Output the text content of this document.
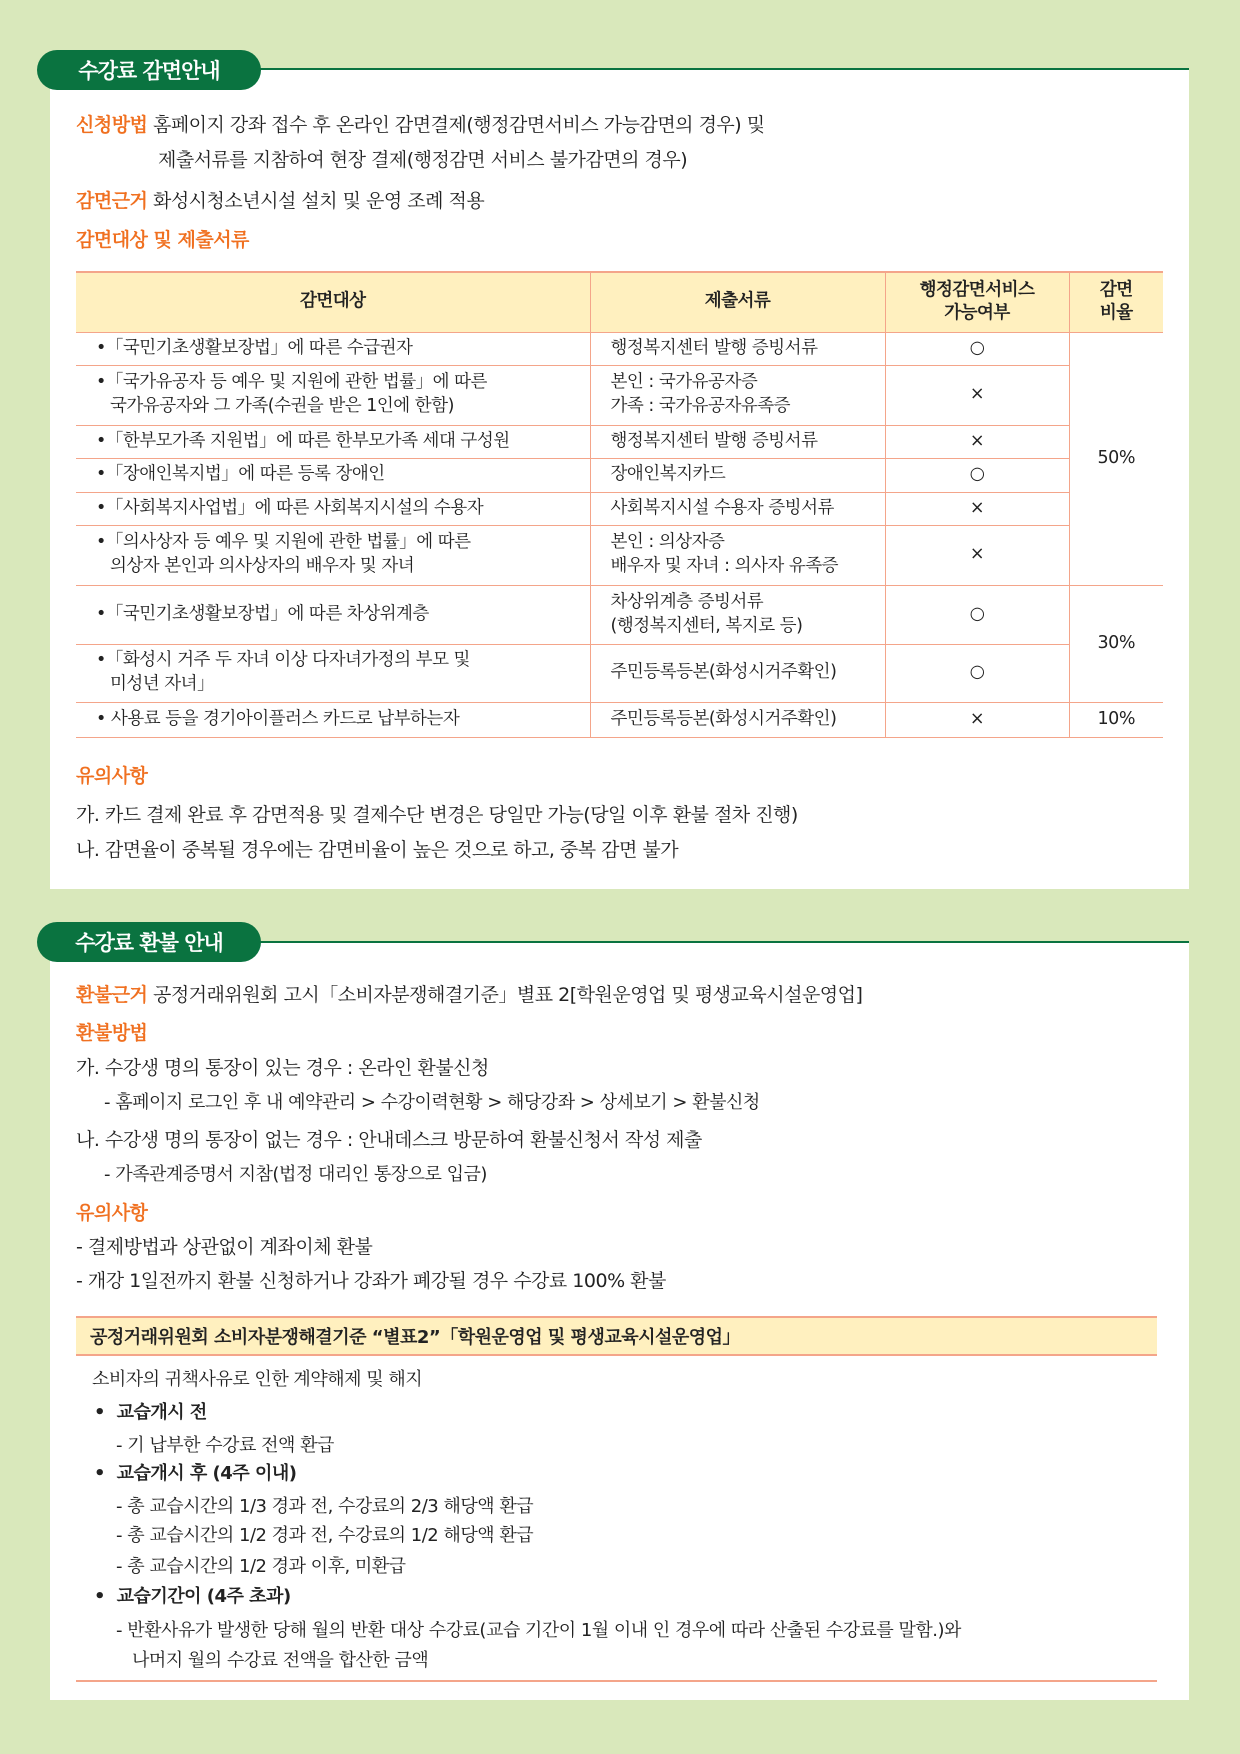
수강료 감면안내
신청방법 홈페이지 강좌 접수 후 온라인 감면결제(행정감면서비스 가능감면의 경우) 및
제출서류를 지참하여 현장 결제(행정감면 서비스 불가감면의 경우)
감면근거 화성시청소년시설 설치 및 운영 조례 적용
감면대상 및 제출서류
감면대상	제출서류	행정감면서비스
가능여부	감면
비율

•「국민기초생활보장법」에 따른 수급권자	행정복지센터 발행 증빙서류	○	50%

•「국가유공자 등 예우 및 지원에 관한 법률」에 따른
국가유공자와 그 가족(수권을 받은 1인에 한함)	본인 : 국가유공자증
가족 : 국가유공자유족증	×	

•「한부모가족 지원법」에 따른 한부모가족 세대 구성원	행정복지센터 발행 증빙서류	×	

•「장애인복지법」에 따른 등록 장애인	장애인복지카드	○	

•「사회복지사업법」에 따른 사회복지시설의 수용자	사회복지시설 수용자 증빙서류	×	

•「의사상자 등 예우 및 지원에 관한 법률」에 따른
의상자 본인과 의사상자의 배우자 및 자녀	본인 : 의상자증
배우자 및 자녀 : 의사자 유족증	×	

•「국민기초생활보장법」에 따른 차상위계층	차상위계층 증빙서류
(행정복지센터, 복지로 등)	○	30%

•「화성시 거주 두 자녀 이상 다자녀가정의 부모 및
미성년 자녀」	주민등록등본(화성시거주확인)	○	

• 사용료 등을 경기아이플러스 카드로 납부하는자	주민등록등본(화성시거주확인)	×	10%
유의사항
가. 카드 결제 완료 후 감면적용 및 결제수단 변경은 당일만 가능(당일 이후 환불 절차 진행)
나. 감면율이 중복될 경우에는 감면비율이 높은 것으로 하고, 중복 감면 불가
수강료 환불 안내
환불근거 공정거래위원회 고시「소비자분쟁해결기준」별표 2[학원운영업 및 평생교육시설운영업]
환불방법
가. 수강생 명의 통장이 있는 경우 : 온라인 환불신청
- 홈페이지 로그인 후 내 예약관리 > 수강이력현황 > 해당강좌 > 상세보기 > 환불신청
나. 수강생 명의 통장이 없는 경우 : 안내데스크 방문하여 환불신청서 작성 제출
- 가족관계증명서 지참(법정 대리인 통장으로 입금)
유의사항
- 결제방법과 상관없이 계좌이체 환불
- 개강 1일전까지 환불 신청하거나 강좌가 폐강될 경우 수강료 100% 환불
공정거래위원회 소비자분쟁해결기준 “별표2”「학원운영업 및 평생교육시설운영업」
소비자의 귀책사유로 인한 계약해제 및 해지
• 교습개시 전
- 기 납부한 수강료 전액 환급
• 교습개시 후 (4주 이내)
- 총 교습시간의 1/3 경과 전, 수강료의 2/3 해당액 환급
- 총 교습시간의 1/2 경과 전, 수강료의 1/2 해당액 환급
- 총 교습시간의 1/2 경과 이후, 미환급
• 교습기간이 (4주 초과)
- 반환사유가 발생한 당해 월의 반환 대상 수강료(교습 기간이 1월 이내 인 경우에 따라 산출된 수강료를 말함.)와
나머지 월의 수강료 전액을 합산한 금액
